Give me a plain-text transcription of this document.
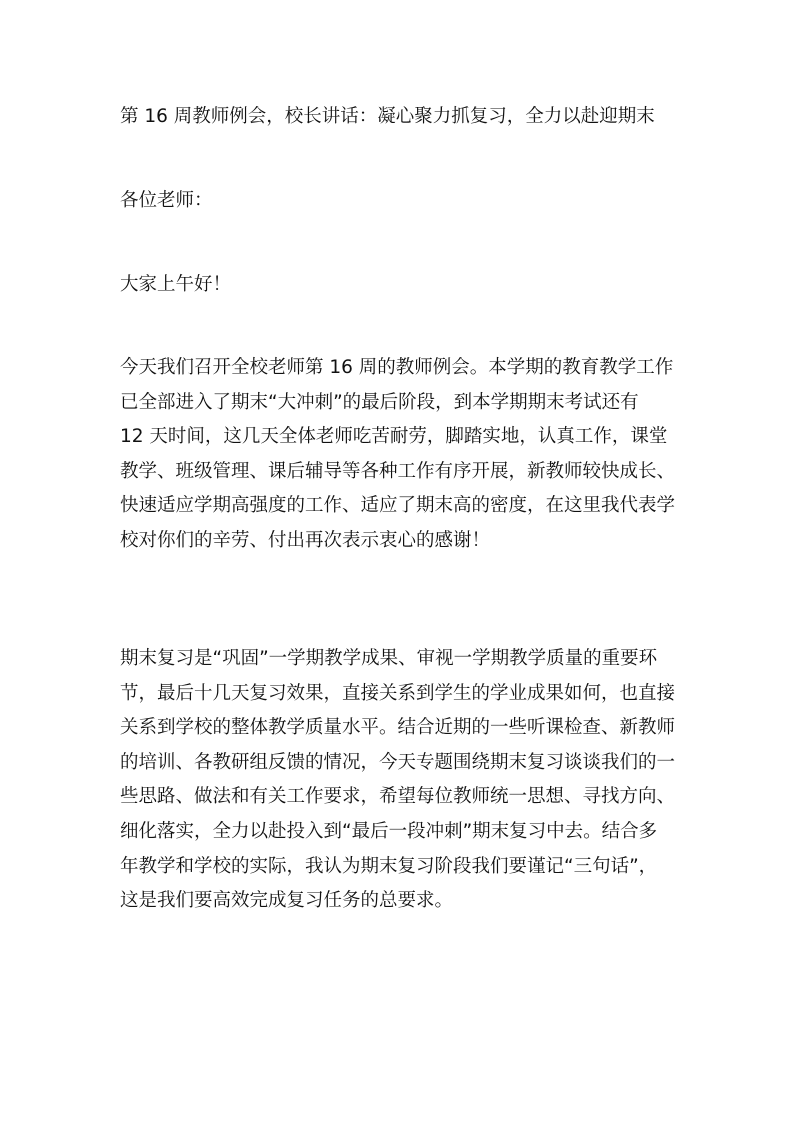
第 16 周教师例会，校长讲话：凝心聚力抓复习，全力以赴迎期末

各位老师：

大家上午好！

今天我们召开全校老师第 16 周的教师例会。本学期的教育教学工作
已全部进入了期末“大冲刺”的最后阶段，到本学期期末考试还有
12 天时间，这几天全体老师吃苦耐劳，脚踏实地，认真工作，课堂
教学、班级管理、课后辅导等各种工作有序开展，新教师较快成长、
快速适应学期高强度的工作、适应了期末高的密度，在这里我代表学
校对你们的辛劳、付出再次表示衷心的感谢！

期末复习是“巩固”一学期教学成果、审视一学期教学质量的重要环
节，最后十几天复习效果，直接关系到学生的学业成果如何，也直接
关系到学校的整体教学质量水平。结合近期的一些听课检查、新教师
的培训、各教研组反馈的情况，今天专题围绕期末复习谈谈我们的一
些思路、做法和有关工作要求，希望每位教师统一思想、寻找方向、
细化落实，全力以赴投入到“最后一段冲刺”期末复习中去。结合多
年教学和学校的实际，我认为期末复习阶段我们要谨记“三句话”，
这是我们要高效完成复习任务的总要求。
